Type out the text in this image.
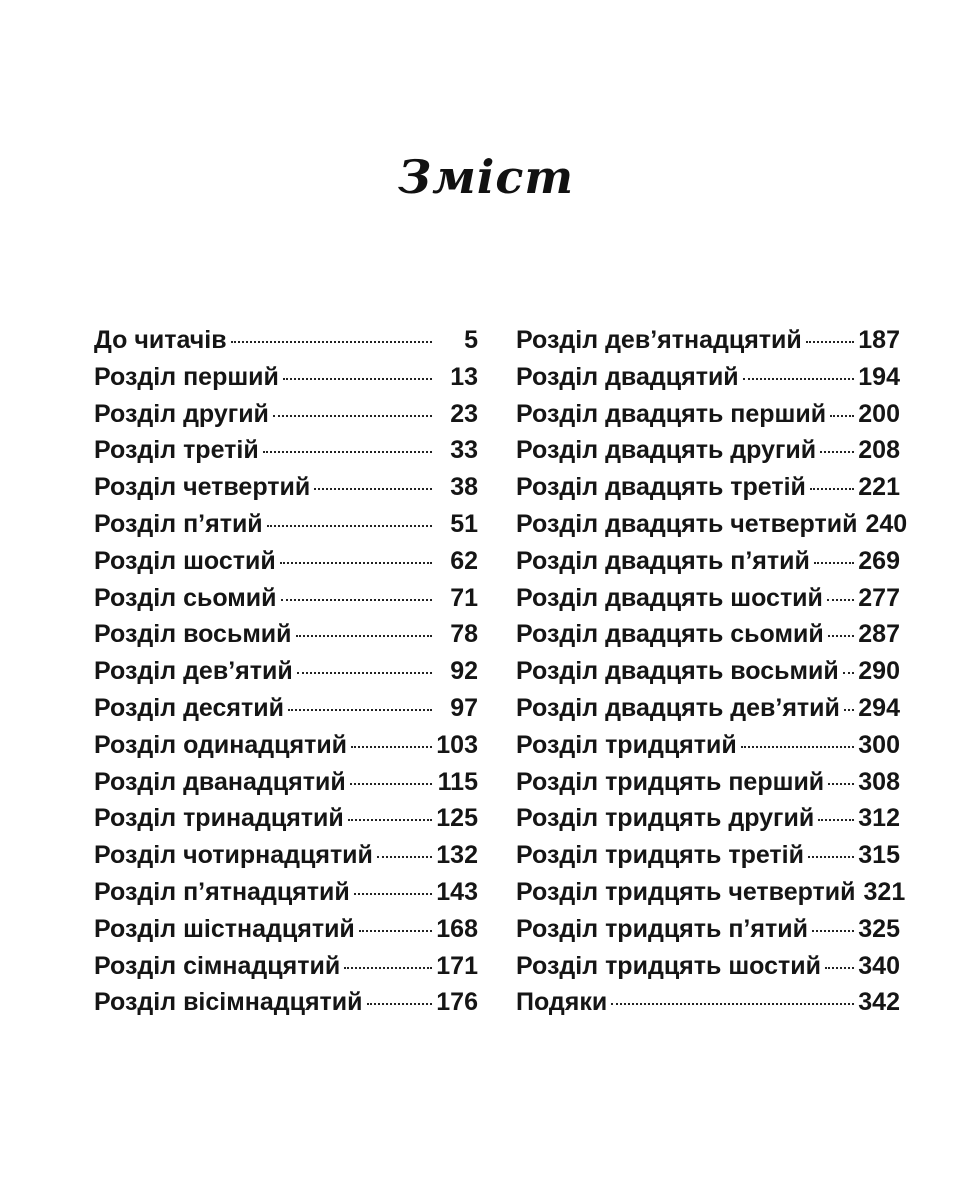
Зміст
До читачів	5
Розділ перший	13
Розділ другий	23
Розділ третій	33
Розділ четвертий	38
Розділ п’ятий	51
Розділ шостий	62
Розділ сьомий	71
Розділ восьмий	78
Розділ дев’ятий	92
Розділ десятий	97
Розділ одинадцятий	103
Розділ дванадцятий	115
Розділ тринадцятий	125
Розділ чотирнадцятий	132
Розділ п’ятнадцятий	143
Розділ шістнадцятий	168
Розділ сімнадцятий	171
Розділ вісімнадцятий	176
Розділ дев’ятнадцятий 187
Розділ двадцятий	194
Розділ двадцять перший 200
Розділ двадцять другий 208
Розділ двадцять третій 221
Розділ двадцять четвертий 240
Розділ двадцять п’ятий 269
Розділ двадцять шостий 277
Розділ двадцять сьомий 287
Розділ двадцять восьмий 290
Розділ двадцять дев’ятий 294
Розділ тридцятий	300
Розділ тридцять перший 308
Розділ тридцять другий 312
Розділ тридцять третій 315
Розділ тридцять четвертий 321
Розділ тридцять п’ятий 325
Розділ тридцять шостий 340
Подяки	342
